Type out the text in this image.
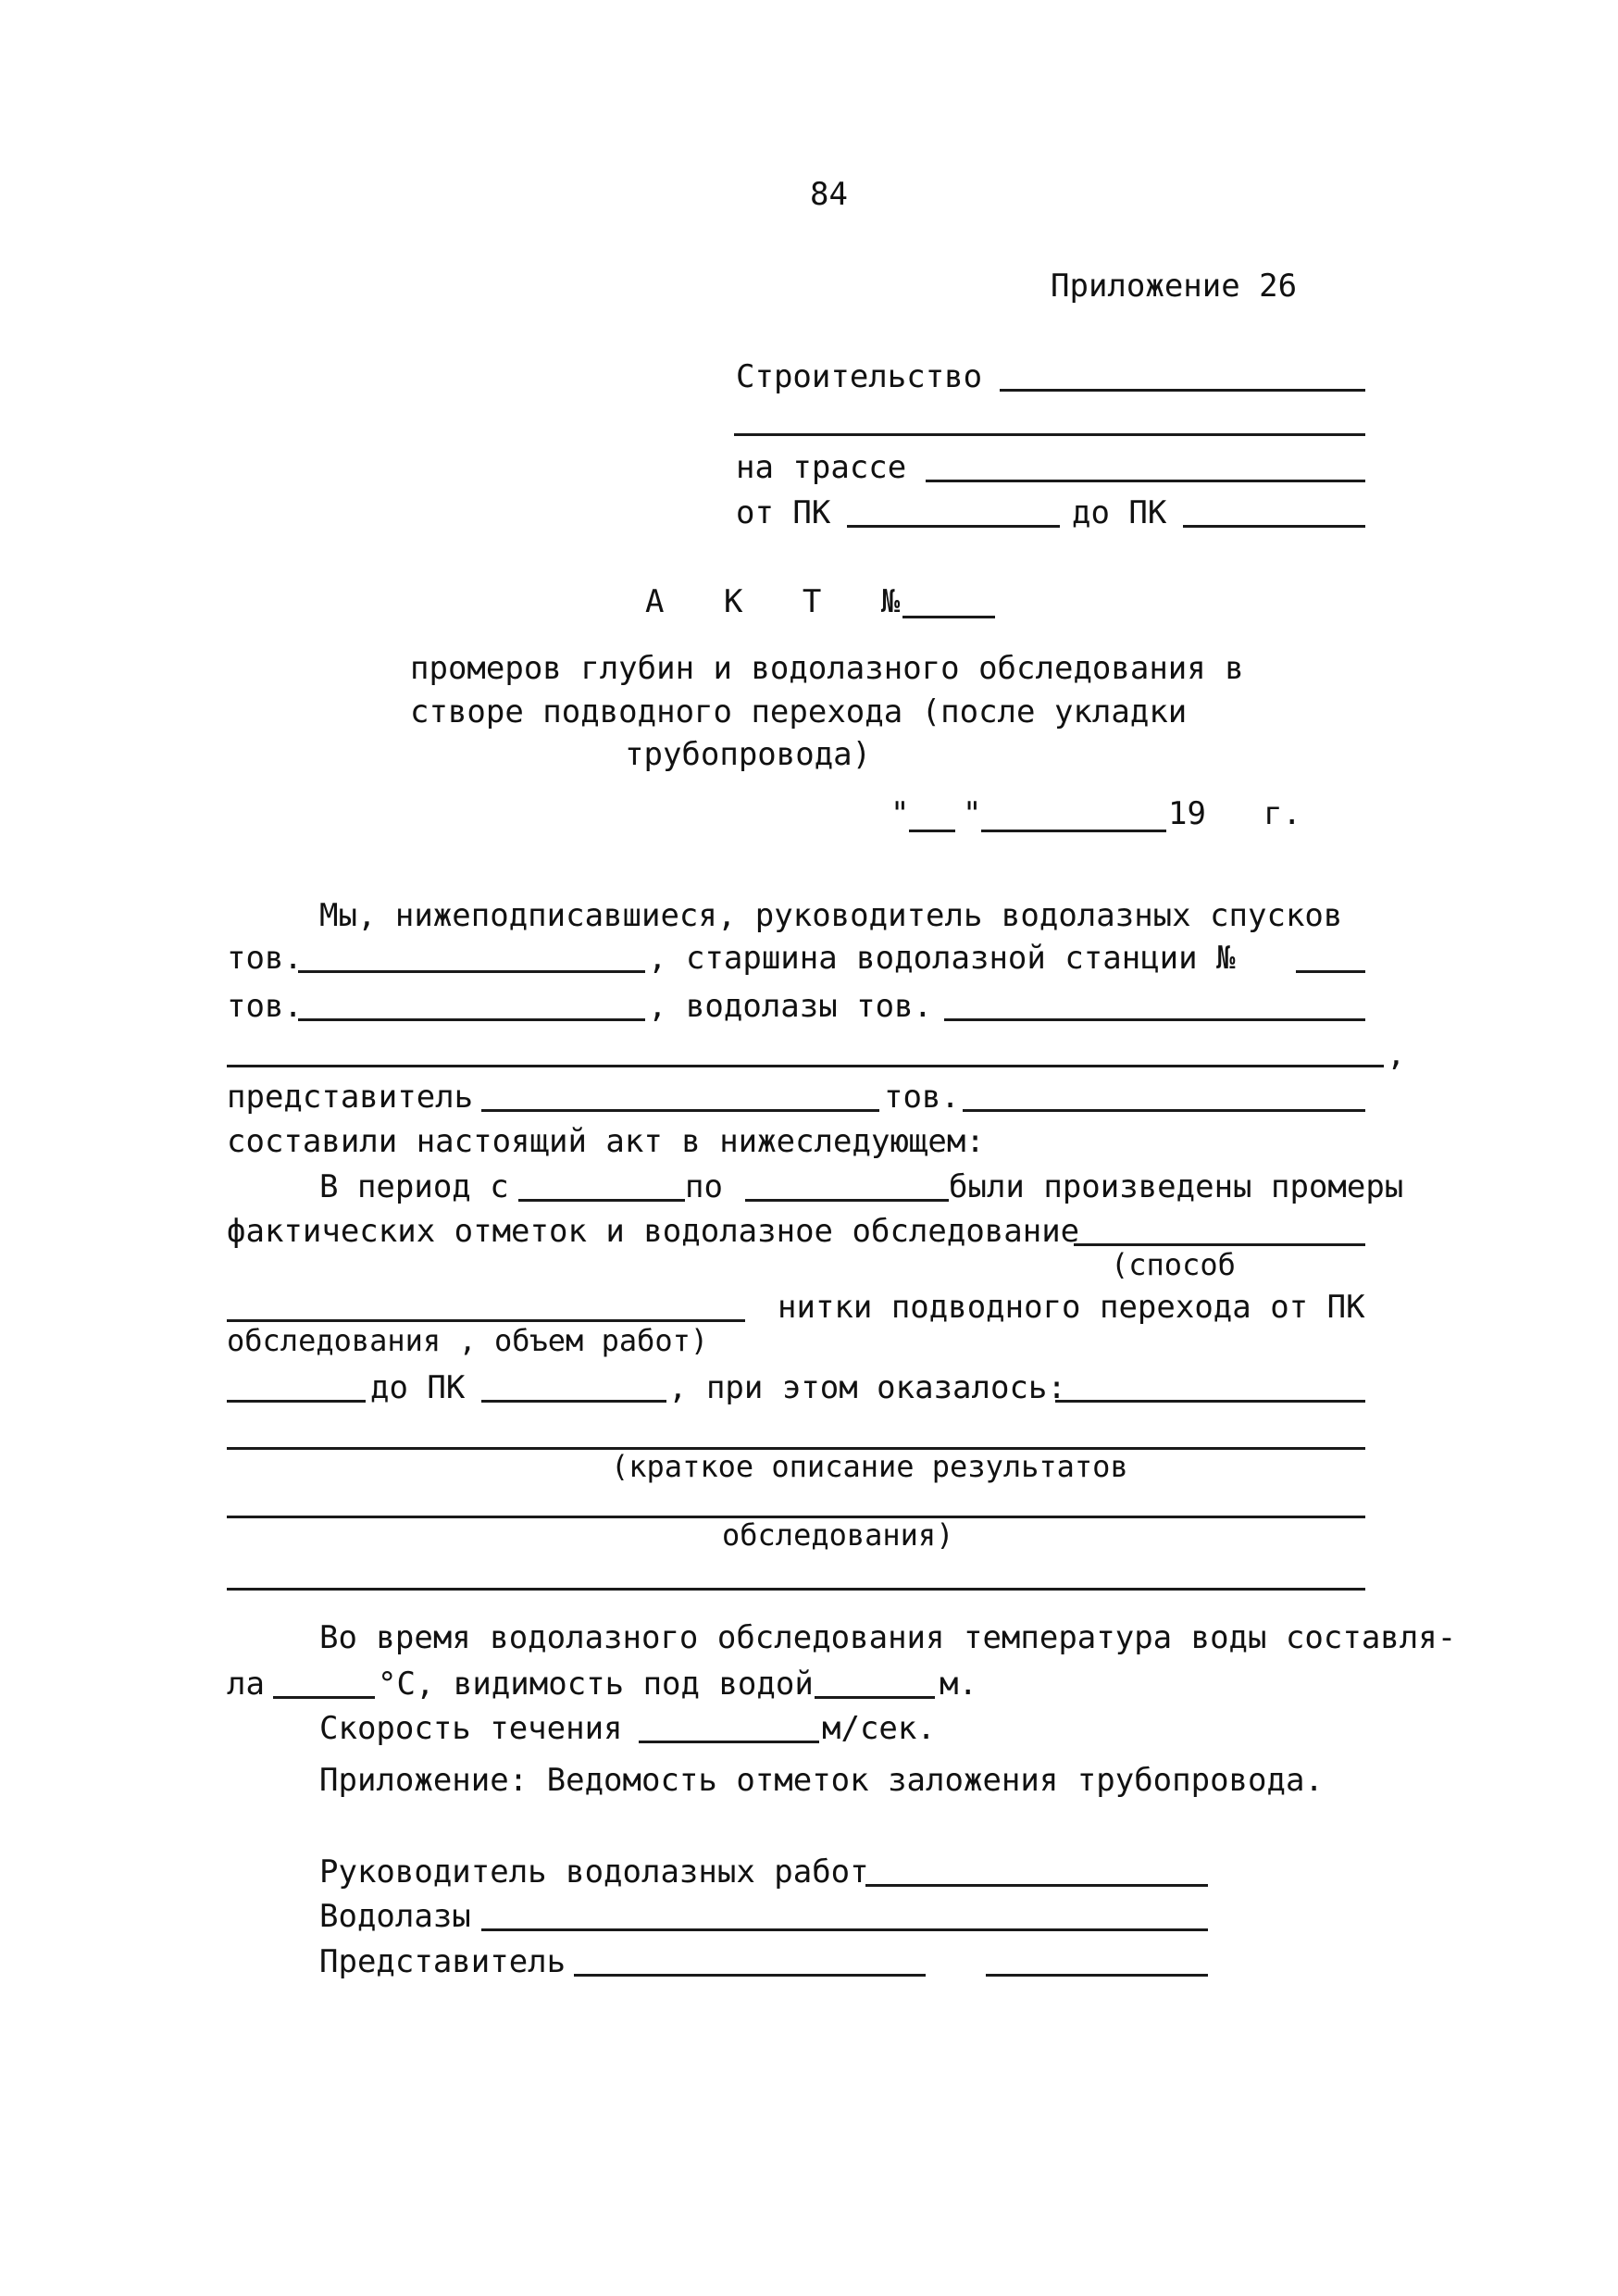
84
Приложение 26
Строительство
на трассе
от ПК	до ПК
А К Т №
промеров глубин и водолазного обследования в
створе подводного перехода (после укладки
трубопровода)
" "	19 г.
Мы, нижеподписавшиеся, руководитель водолазных спусков
тов.	, старшина водолазной станции №
тов.	, водолазы тов.
,
представитель	тов.
составили настоящий акт в нижеследующем:
В период с	по	были произведены промеры
фактических отметок и водолазное обследование
(способ
нитки подводного перехода от ПК
обследования , объем работ)
до ПК	, при этом оказалось:
(краткое описание результатов
обследования)
Во время водолазного обследования температура воды составля-
ла	°С, видимость под водой	м.
Скорость течения	м/сек.
Приложение: Ведомость отметок заложения трубопровода.
Руководитель водолазных работ
Водолазы
Представитель
